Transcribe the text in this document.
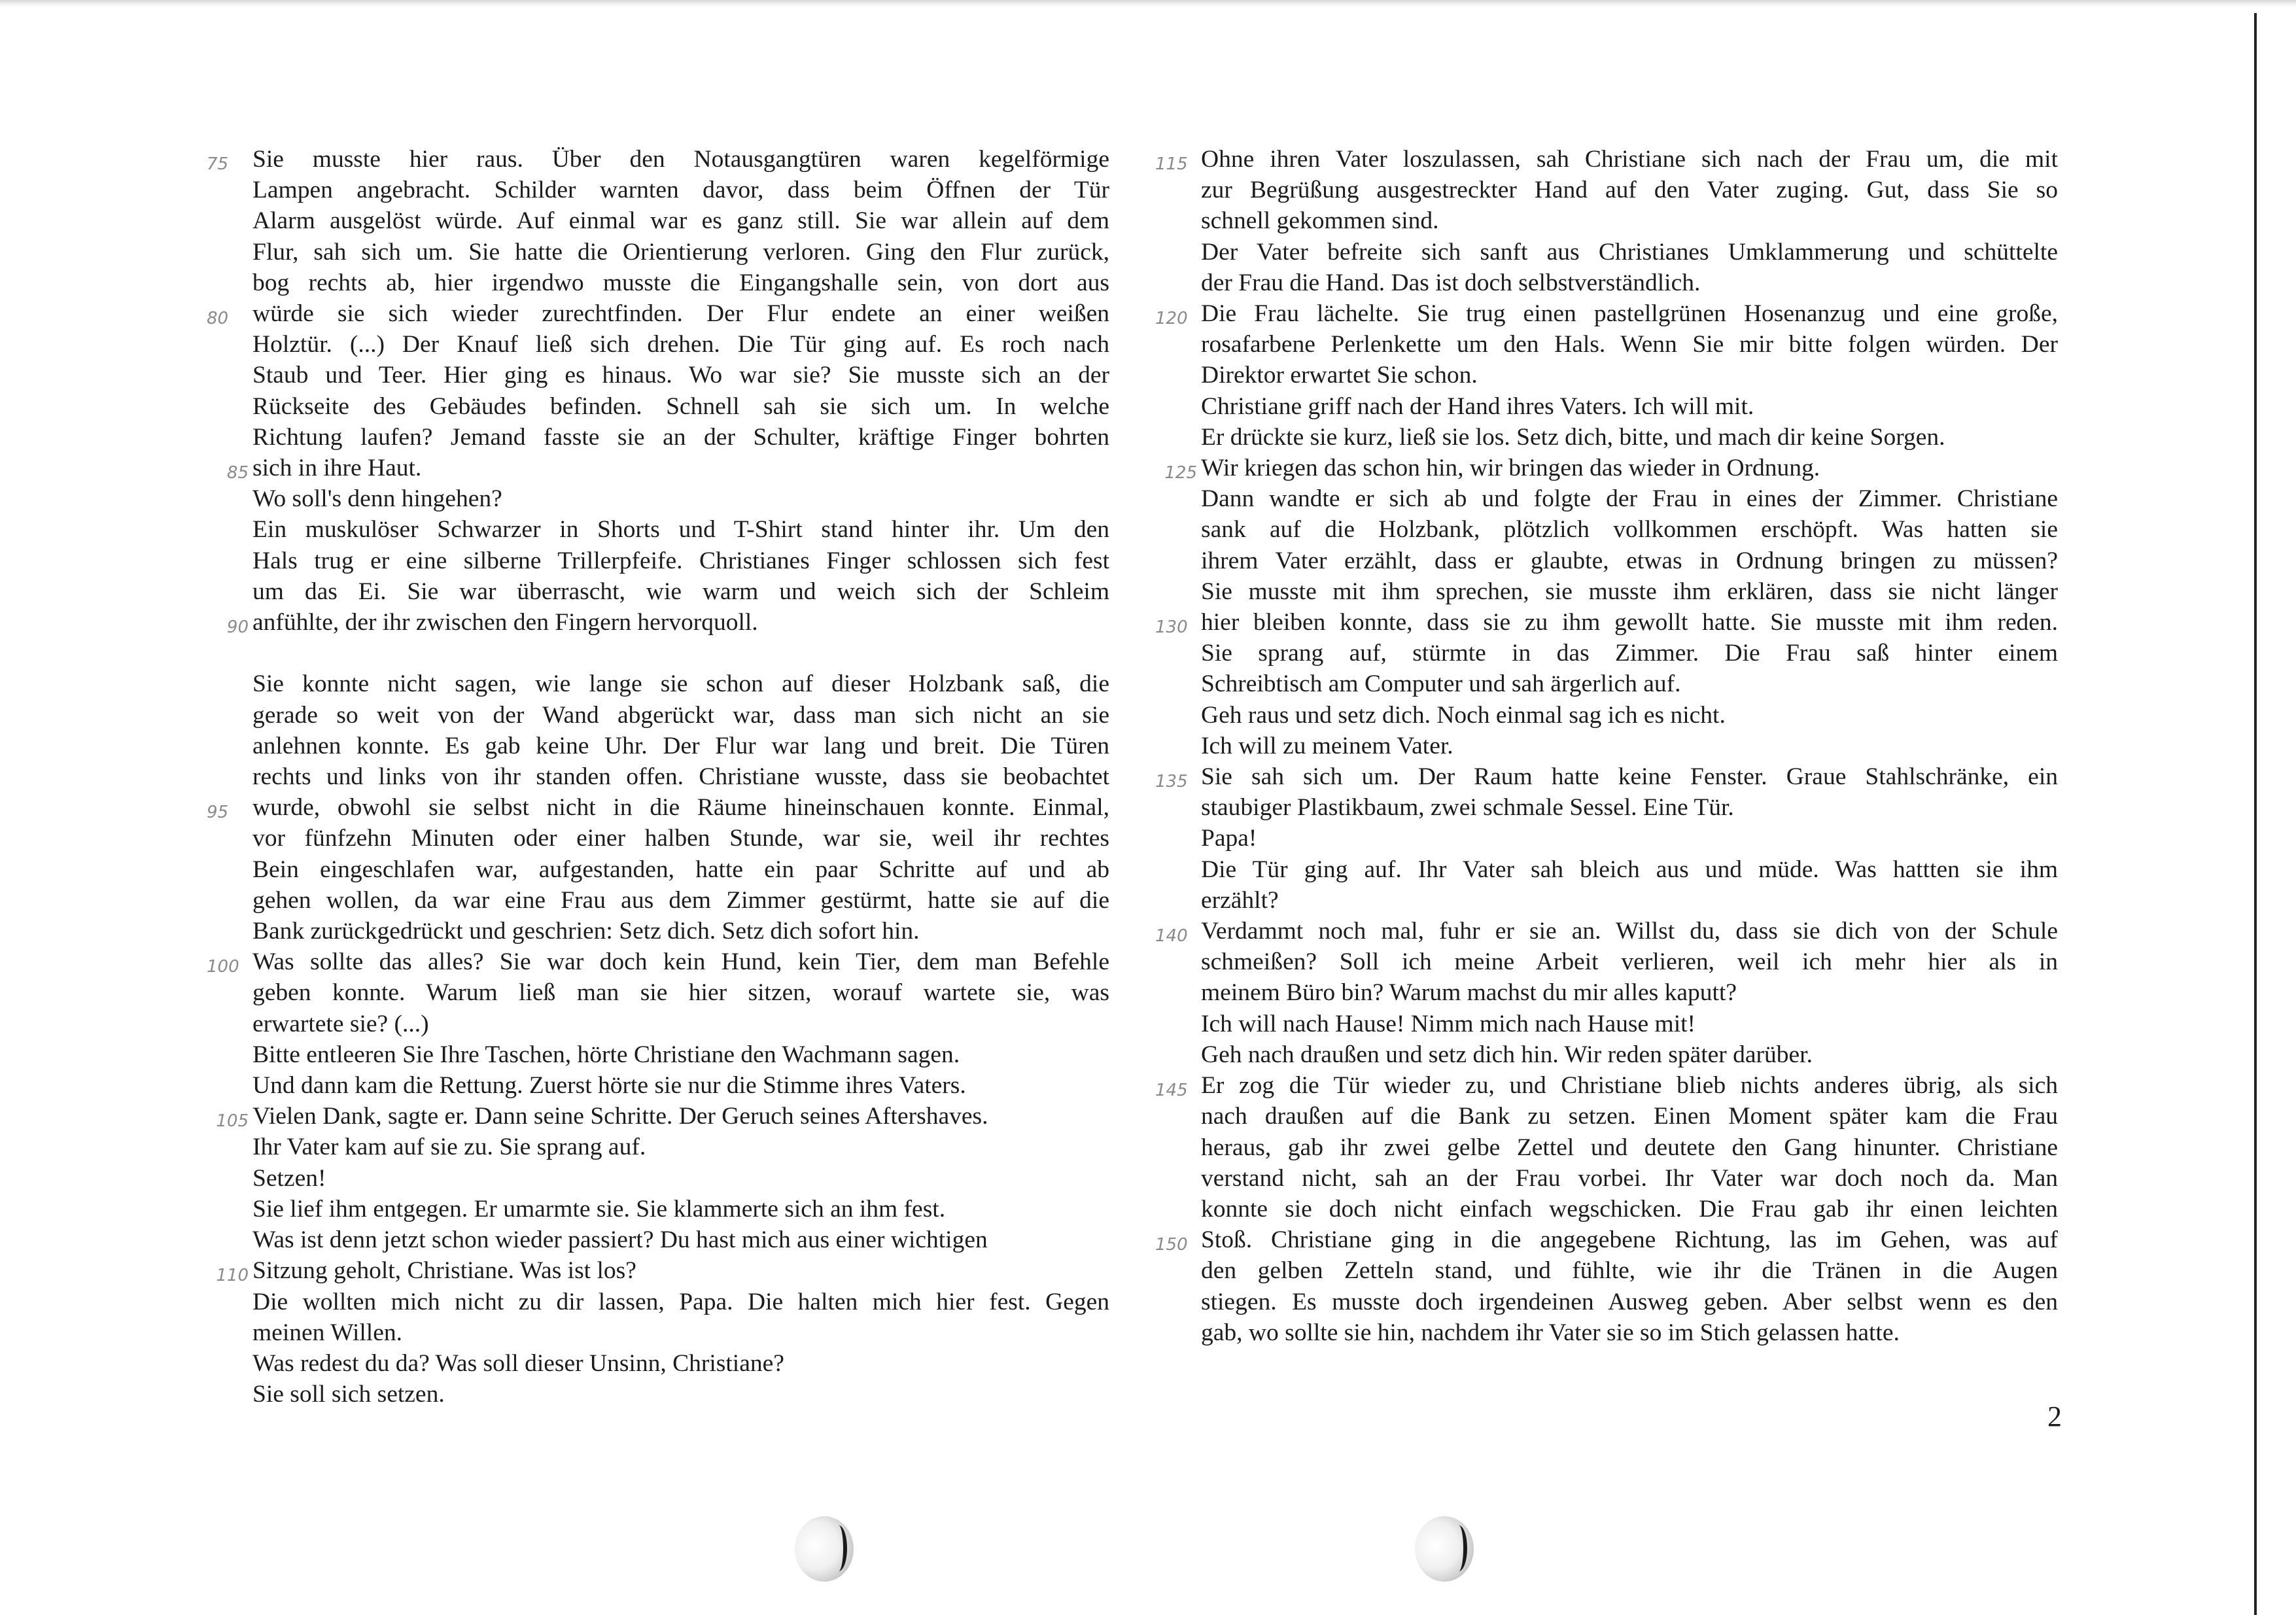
75 Sie musste hier raus. Über den Notausgangtüren waren kegelförmige
Lampen angebracht. Schilder warnten davor, dass beim Öffnen der Tür
Alarm ausgelöst würde. Auf einmal war es ganz still. Sie war allein auf dem
Flur, sah sich um. Sie hatte die Orientierung verloren. Ging den Flur zurück,
bog rechts ab, hier irgendwo musste die Eingangshalle sein, von dort aus
80 würde sie sich wieder zurechtfinden. Der Flur endete an einer weißen
Holztür. (...) Der Knauf ließ sich drehen. Die Tür ging auf. Es roch nach
Staub und Teer. Hier ging es hinaus. Wo war sie? Sie musste sich an der
Rückseite des Gebäudes befinden. Schnell sah sie sich um. In welche
Richtung laufen? Jemand fasste sie an der Schulter, kräftige Finger bohrten
85 sich in ihre Haut.
Wo soll's denn hingehen?
Ein muskulöser Schwarzer in Shorts und T-Shirt stand hinter ihr. Um den
Hals trug er eine silberne Trillerpfeife. Christianes Finger schlossen sich fest
um das Ei. Sie war überrascht, wie warm und weich sich der Schleim
90 anfühlte, der ihr zwischen den Fingern hervorquoll.
Sie konnte nicht sagen, wie lange sie schon auf dieser Holzbank saß, die
gerade so weit von der Wand abgerückt war, dass man sich nicht an sie
anlehnen konnte. Es gab keine Uhr. Der Flur war lang und breit. Die Türen
rechts und links von ihr standen offen. Christiane wusste, dass sie beobachtet
95 wurde, obwohl sie selbst nicht in die Räume hineinschauen konnte. Einmal,
vor fünfzehn Minuten oder einer halben Stunde, war sie, weil ihr rechtes
Bein eingeschlafen war, aufgestanden, hatte ein paar Schritte auf und ab
gehen wollen, da war eine Frau aus dem Zimmer gestürmt, hatte sie auf die
Bank zurückgedrückt und geschrien: Setz dich. Setz dich sofort hin.
100 Was sollte das alles? Sie war doch kein Hund, kein Tier, dem man Befehle
geben konnte. Warum ließ man sie hier sitzen, worauf wartete sie, was
erwartete sie? (...)
Bitte entleeren Sie Ihre Taschen, hörte Christiane den Wachmann sagen.
Und dann kam die Rettung. Zuerst hörte sie nur die Stimme ihres Vaters.
105 Vielen Dank, sagte er. Dann seine Schritte. Der Geruch seines Aftershaves.
Ihr Vater kam auf sie zu. Sie sprang auf.
Setzen!
Sie lief ihm entgegen. Er umarmte sie. Sie klammerte sich an ihm fest.
Was ist denn jetzt schon wieder passiert? Du hast mich aus einer wichtigen
110 Sitzung geholt, Christiane. Was ist los?
Die wollten mich nicht zu dir lassen, Papa. Die halten mich hier fest. Gegen
meinen Willen.
Was redest du da? Was soll dieser Unsinn, Christiane?
Sie soll sich setzen.
115 Ohne ihren Vater loszulassen, sah Christiane sich nach der Frau um, die mit
zur Begrüßung ausgestreckter Hand auf den Vater zuging. Gut, dass Sie so
schnell gekommen sind.
Der Vater befreite sich sanft aus Christianes Umklammerung und schüttelte
der Frau die Hand. Das ist doch selbstverständlich.
120 Die Frau lächelte. Sie trug einen pastellgrünen Hosenanzug und eine große,
rosafarbene Perlenkette um den Hals. Wenn Sie mir bitte folgen würden. Der
Direktor erwartet Sie schon.
Christiane griff nach der Hand ihres Vaters. Ich will mit.
Er drückte sie kurz, ließ sie los. Setz dich, bitte, und mach dir keine Sorgen.
125 Wir kriegen das schon hin, wir bringen das wieder in Ordnung.
Dann wandte er sich ab und folgte der Frau in eines der Zimmer. Christiane
sank auf die Holzbank, plötzlich vollkommen erschöpft. Was hatten sie
ihrem Vater erzählt, dass er glaubte, etwas in Ordnung bringen zu müssen?
Sie musste mit ihm sprechen, sie musste ihm erklären, dass sie nicht länger
130 hier bleiben konnte, dass sie zu ihm gewollt hatte. Sie musste mit ihm reden.
Sie sprang auf, stürmte in das Zimmer. Die Frau saß hinter einem
Schreibtisch am Computer und sah ärgerlich auf.
Geh raus und setz dich. Noch einmal sag ich es nicht.
Ich will zu meinem Vater.
135 Sie sah sich um. Der Raum hatte keine Fenster. Graue Stahlschränke, ein
staubiger Plastikbaum, zwei schmale Sessel. Eine Tür.
Papa!
Die Tür ging auf. Ihr Vater sah bleich aus und müde. Was hattten sie ihm
erzählt?
140 Verdammt noch mal, fuhr er sie an. Willst du, dass sie dich von der Schule
schmeißen? Soll ich meine Arbeit verlieren, weil ich mehr hier als in
meinem Büro bin? Warum machst du mir alles kaputt?
Ich will nach Hause! Nimm mich nach Hause mit!
Geh nach draußen und setz dich hin. Wir reden später darüber.
145 Er zog die Tür wieder zu, und Christiane blieb nichts anderes übrig, als sich
nach draußen auf die Bank zu setzen. Einen Moment später kam die Frau
heraus, gab ihr zwei gelbe Zettel und deutete den Gang hinunter. Christiane
verstand nicht, sah an der Frau vorbei. Ihr Vater war doch noch da. Man
konnte sie doch nicht einfach wegschicken. Die Frau gab ihr einen leichten
150 Stoß. Christiane ging in die angegebene Richtung, las im Gehen, was auf
den gelben Zetteln stand, und fühlte, wie ihr die Tränen in die Augen
stiegen. Es musste doch irgendeinen Ausweg geben. Aber selbst wenn es den
gab, wo sollte sie hin, nachdem ihr Vater sie so im Stich gelassen hatte.
2
